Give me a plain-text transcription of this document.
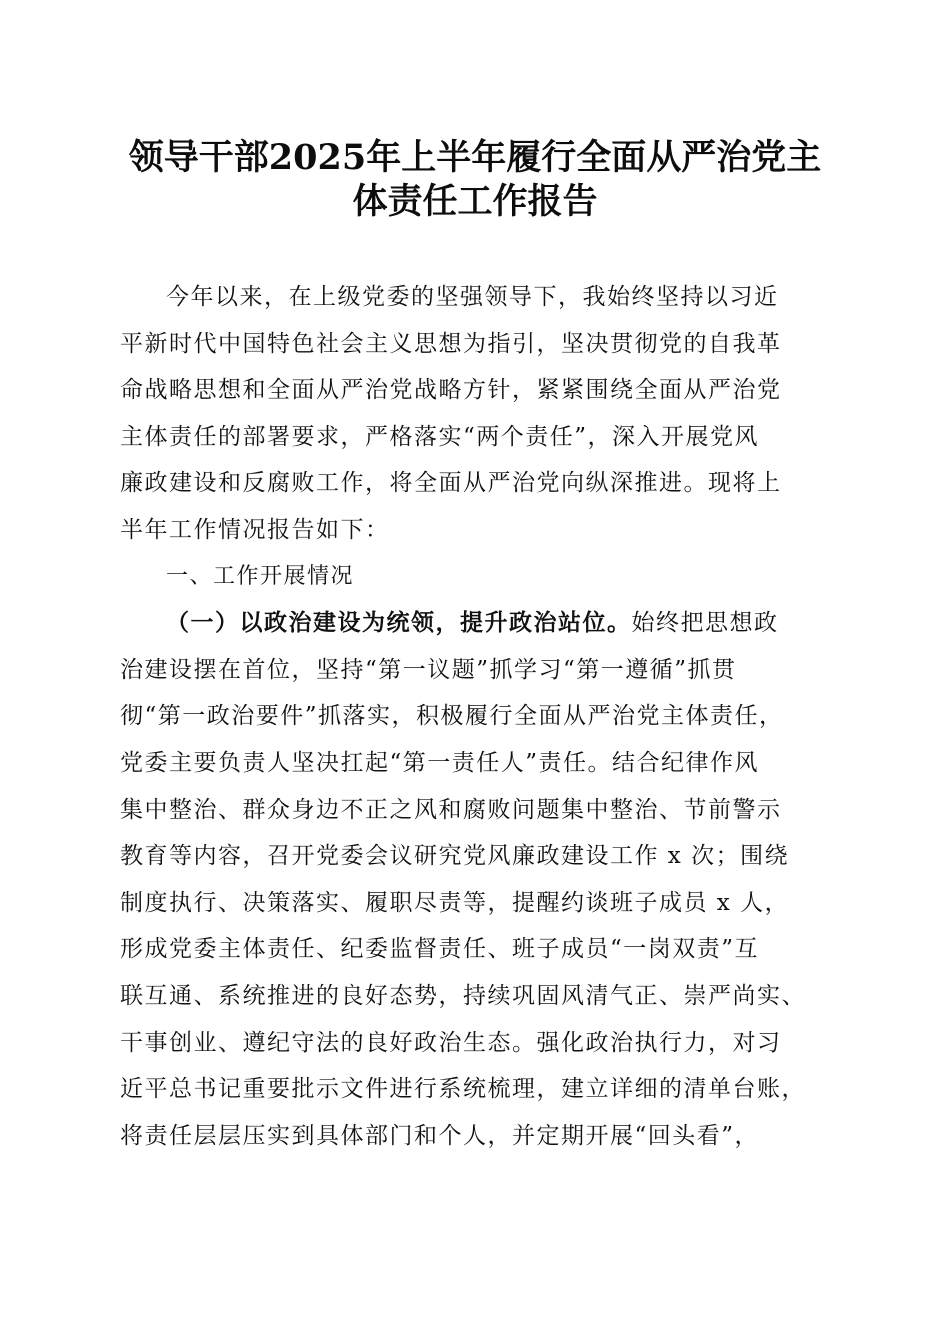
领导干部2025年上半年履行全面从严治党主
体责任工作报告
今年以来，在上级党委的坚强领导下，我始终坚持以习近
平新时代中国特色社会主义思想为指引，坚决贯彻党的自我革
命战略思想和全面从严治党战略方针，紧紧围绕全面从严治党
主体责任的部署要求，严格落实“两个责任”，深入开展党风
廉政建设和反腐败工作，将全面从严治党向纵深推进。现将上
半年工作情况报告如下：
一、工作开展情况
（一）以政治建设为统领，提升政治站位。始终把思想政
治建设摆在首位，坚持“第一议题”抓学习“第一遵循”抓贯
彻“第一政治要件”抓落实，积极履行全面从严治党主体责任，
党委主要负责人坚决扛起“第一责任人”责任。结合纪律作风
集中整治、群众身边不正之风和腐败问题集中整治、节前警示
教育等内容，召开党委会议研究党风廉政建设工作 x 次；围绕
制度执行、决策落实、履职尽责等，提醒约谈班子成员 x 人，
形成党委主体责任、纪委监督责任、班子成员“一岗双责”互
联互通、系统推进的良好态势，持续巩固风清气正、崇严尚实、
干事创业、遵纪守法的良好政治生态。强化政治执行力，对习
近平总书记重要批示文件进行系统梳理，建立详细的清单台账，
将责任层层压实到具体部门和个人，并定期开展“回头看”，
